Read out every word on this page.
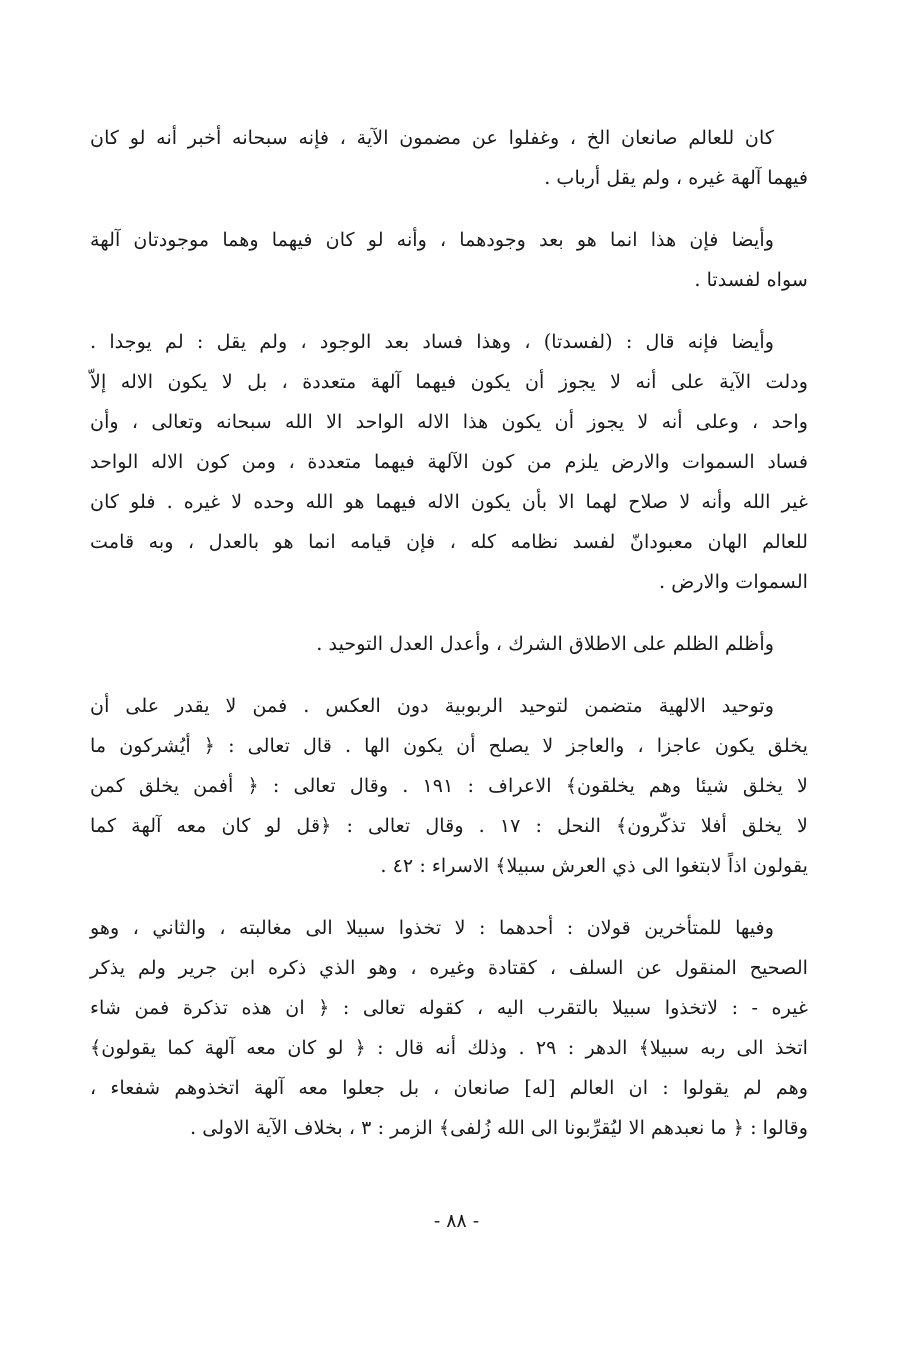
كان للعالم صانعان الخ ، وغفلوا عن مضمون الآية ، فإنه سبحانه أخبر أنه لو كان
فيهما آلهة غيره ، ولم يقل أرباب .

وأيضا فإن هذا انما هو بعد وجودهما ، وأنه لو كان فيهما وهما موجودتان آلهة
سواه لفسدتا .

وأيضا فإنه قال : (لفسدتا) ، وهذا فساد بعد الوجود ، ولم يقل : لم يوجدا .
ودلت الآية على أنه لا يجوز أن يكون فيهما آلهة متعددة ، بل لا يكون الاله إلاّ
واحد ، وعلى أنه لا يجوز أن يكون هذا الاله الواحد الا الله سبحانه وتعالى ، وأن
فساد السموات والارض يلزم من كون الآلهة فيهما متعددة ، ومن كون الاله الواحد
غير الله وأنه لا صلاح لهما الا بأن يكون الاله فيهما هو الله وحده لا غيره . فلو كان
للعالم الهان معبودانّ لفسد نظامه كله ، فإن قيامه انما هو بالعدل ، وبه قامت
السموات والارض .

وأظلم الظلم على الاطلاق الشرك ، وأعدل العدل التوحيد .

وتوحيد الالهية متضمن لتوحيد الربوبية دون العكس . فمن لا يقدر على أن
يخلق يكون عاجزا ، والعاجز لا يصلح أن يكون الها . قال تعالى : ﴿ أيُشركون ما
لا يخلق شيئا وهم يخلقون﴾ الاعراف : ١٩١ . وقال تعالى : ﴿ أفمن يخلق كمن
لا يخلق أفلا تذكّرون﴾ النحل : ١٧ . وقال تعالى : ﴿قل لو كان معه آلهة كما
يقولون اذاً لابتغوا الى ذي العرش سبيلا﴾ الاسراء : ٤٢ .

وفيها للمتأخرين قولان : أحدهما : لا تخذوا سبيلا الى مغالبته ، والثاني ، وهو
الصحيح المنقول عن السلف ، كقتادة وغيره ، وهو الذي ذكره ابن جرير ولم يذكر
غيره - : لاتخذوا سبيلا بالتقرب اليه ، كقوله تعالى : ﴿ ان هذه تذكرة فمن شاء
اتخذ الى ربه سبيلا﴾ الدهر : ٢٩ . وذلك أنه قال : ﴿ لو كان معه آلهة كما يقولون﴾
وهم لم يقولوا : ان العالم [له] صانعان ، بل جعلوا معه آلهة اتخذوهم شفعاء ،
وقالوا : ﴿ ما نعبدهم الا ليُقرِّبونا الى الله زُلفى﴾ الزمر : ٣ ، بخلاف الآية الاولى .

- ٨٨ -
